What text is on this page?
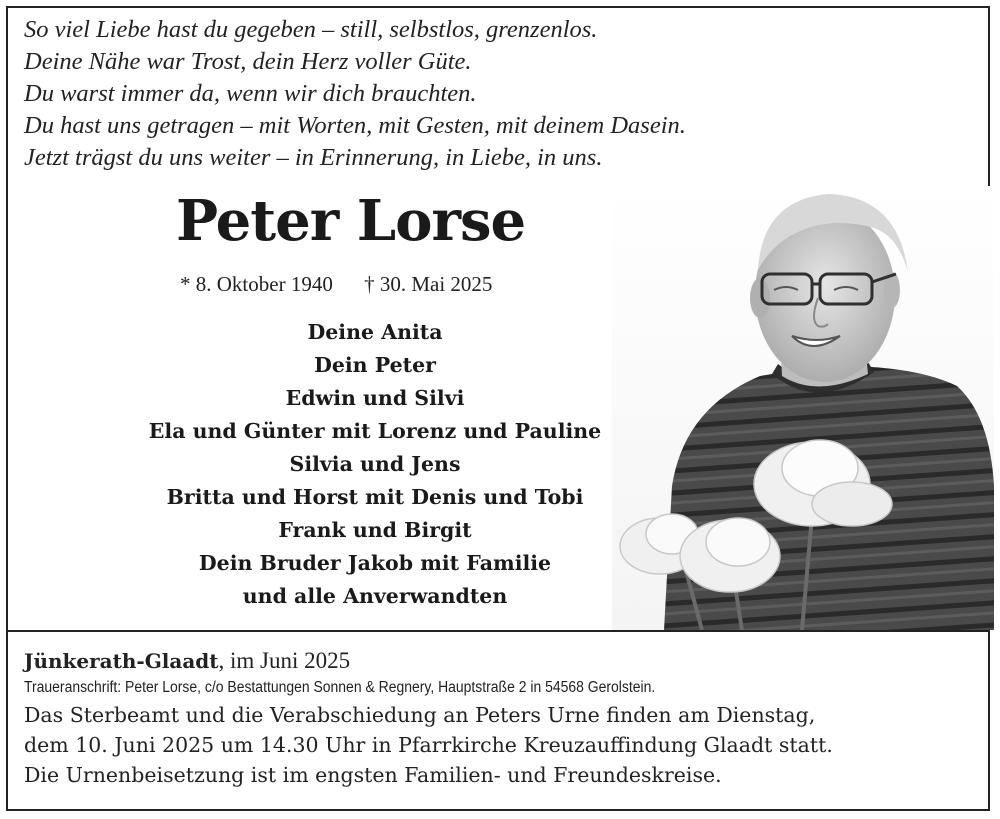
So viel Liebe hast du gegeben – still, selbstlos, grenzenlos.
Deine Nähe war Trost, dein Herz voller Güte.
Du warst immer da, wenn wir dich brauchten.
Du hast uns getragen – mit Worten, mit Gesten, mit deinem Dasein.
Jetzt trägst du uns weiter – in Erinnerung, in Liebe, in uns.
Peter Lorse
* 8. Oktober 1940 † 30. Mai 2025
Deine Anita
Dein Peter
Edwin und Silvi
Ela und Günter mit Lorenz und Pauline
Silvia und Jens
Britta und Horst mit Denis und Tobi
Frank und Birgit
Dein Bruder Jakob mit Familie
und alle Anverwandten
Jünkerath-Glaadt, im Juni 2025
Traueranschrift: Peter Lorse, c/o Bestattungen Sonnen & Regnery, Hauptstraße 2 in 54568 Gerolstein.
Das Sterbeamt und die Verabschiedung an Peters Urne finden am Dienstag,
dem 10. Juni 2025 um 14.30 Uhr in Pfarrkirche Kreuzauffindung Glaadt statt.
Die Urnenbeisetzung ist im engsten Familien- und Freundeskreise.
